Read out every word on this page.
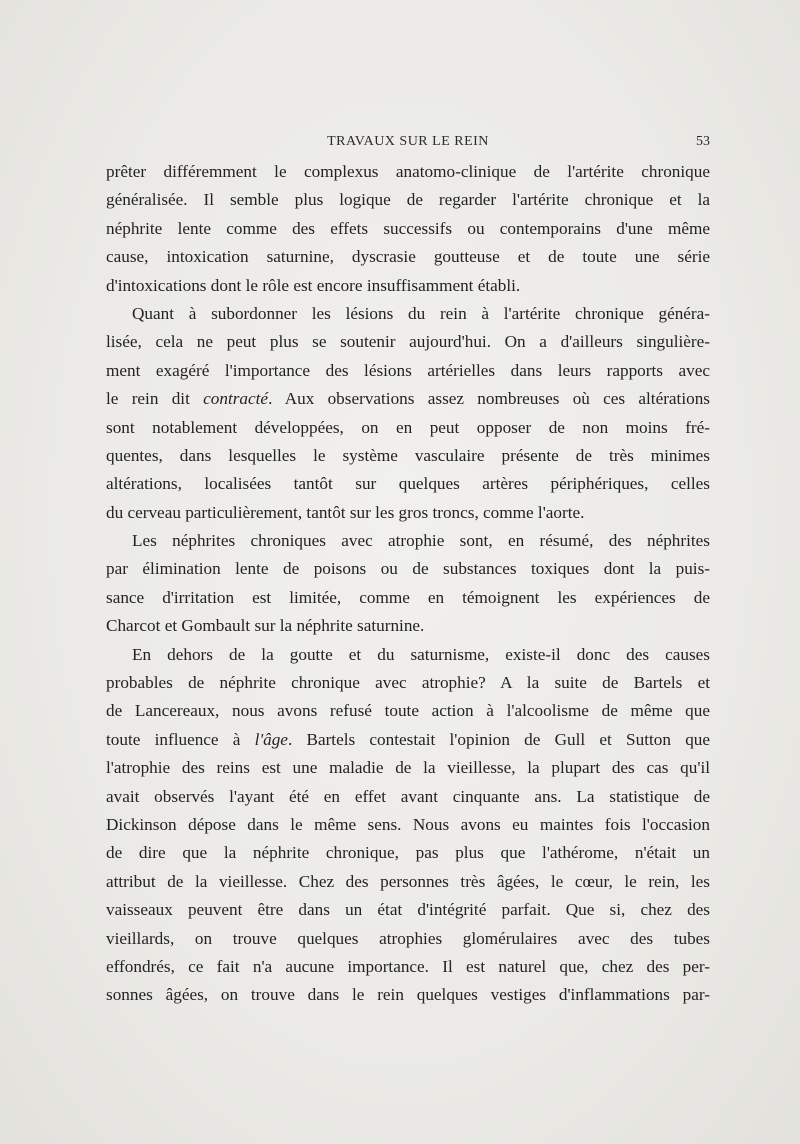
TRAVAUX SUR LE REIN	53
prêter différemment le complexus anatomo-clinique de l'artérite chronique
généralisée. Il semble plus logique de regarder l'artérite chronique et la
néphrite lente comme des effets successifs ou contemporains d'une même
cause, intoxication saturnine, dyscrasie goutteuse et de toute une série
d'intoxications dont le rôle est encore insuffisamment établi.
Quant à subordonner les lésions du rein à l'artérite chronique généra-
lisée, cela ne peut plus se soutenir aujourd'hui. On a d'ailleurs singulière-
ment exagéré l'importance des lésions artérielles dans leurs rapports avec
le rein dit contracté. Aux observations assez nombreuses où ces altérations
sont notablement développées, on en peut opposer de non moins fré-
quentes, dans lesquelles le système vasculaire présente de très minimes
altérations, localisées tantôt sur quelques artères périphériques, celles
du cerveau particulièrement, tantôt sur les gros troncs, comme l'aorte.
Les néphrites chroniques avec atrophie sont, en résumé, des néphrites
par élimination lente de poisons ou de substances toxiques dont la puis-
sance d'irritation est limitée, comme en témoignent les expériences de
Charcot et Gombault sur la néphrite saturnine.
En dehors de la goutte et du saturnisme, existe-il donc des causes
probables de néphrite chronique avec atrophie? A la suite de Bartels et
de Lancereaux, nous avons refusé toute action à l'alcoolisme de même que
toute influence à l'âge. Bartels contestait l'opinion de Gull et Sutton que
l'atrophie des reins est une maladie de la vieillesse, la plupart des cas qu'il
avait observés l'ayant été en effet avant cinquante ans. La statistique de
Dickinson dépose dans le même sens. Nous avons eu maintes fois l'occasion
de dire que la néphrite chronique, pas plus que l'athérome, n'était un
attribut de la vieillesse. Chez des personnes très âgées, le cœur, le rein, les
vaisseaux peuvent être dans un état d'intégrité parfait. Que si, chez des
vieillards, on trouve quelques atrophies glomérulaires avec des tubes
effondrés, ce fait n'a aucune importance. Il est naturel que, chez des per-
sonnes âgées, on trouve dans le rein quelques vestiges d'inflammations par-
